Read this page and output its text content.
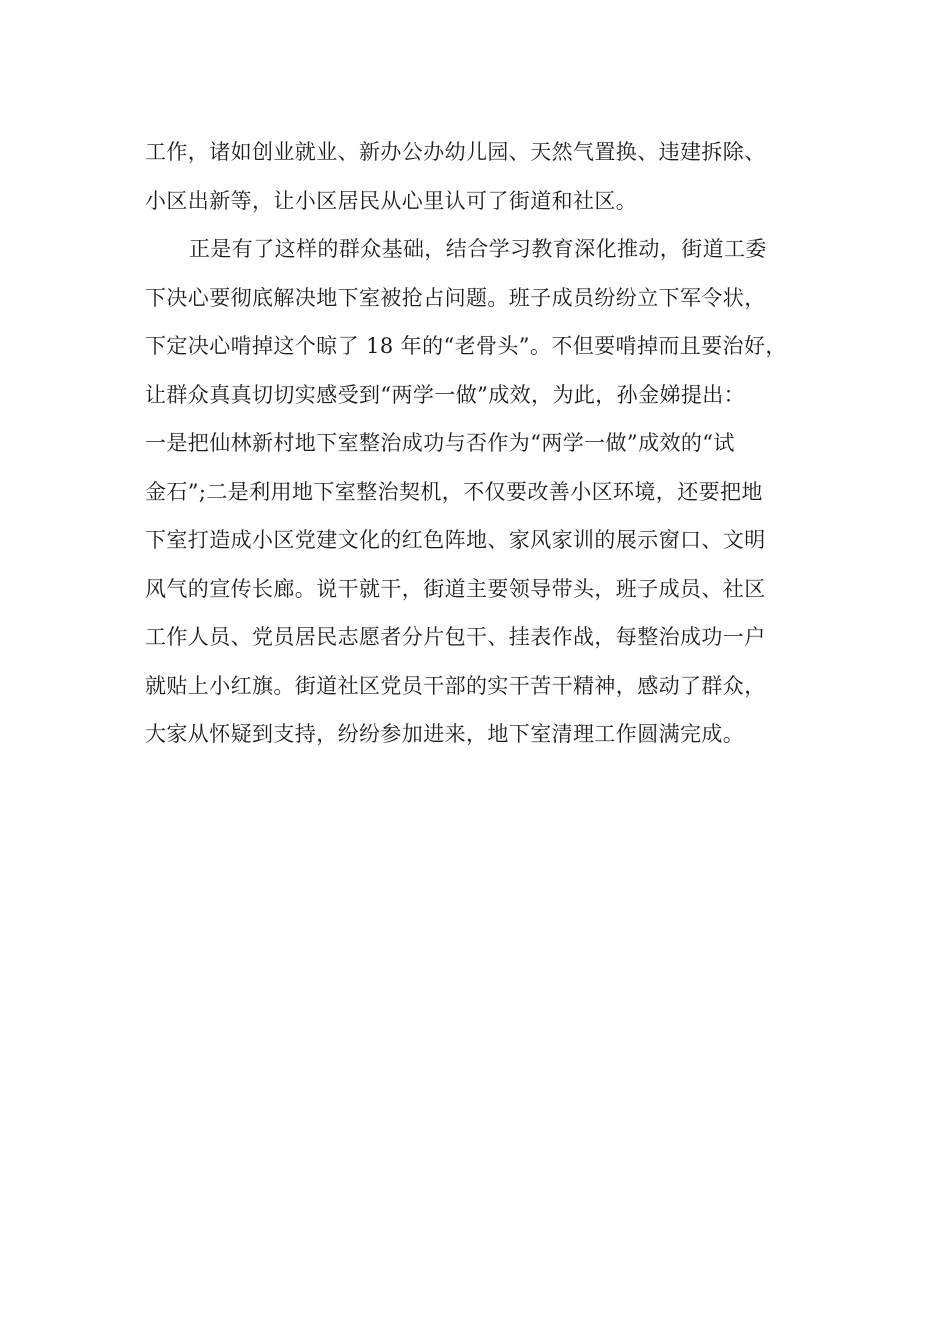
工作，诸如创业就业、新办公办幼儿园、天然气置换、违建拆除、
小区出新等，让小区居民从心里认可了街道和社区。
正是有了这样的群众基础，结合学习教育深化推动，街道工委
下决心要彻底解决地下室被抢占问题。班子成员纷纷立下军令状，
下定决心啃掉这个晾了 18 年的“老骨头”。不但要啃掉而且要治好，
让群众真真切切实感受到“两学一做”成效，为此，孙金娣提出：
一是把仙林新村地下室整治成功与否作为“两学一做”成效的“试
金石”;二是利用地下室整治契机，不仅要改善小区环境，还要把地
下室打造成小区党建文化的红色阵地、家风家训的展示窗口、文明
风气的宣传长廊。说干就干，街道主要领导带头，班子成员、社区
工作人员、党员居民志愿者分片包干、挂表作战，每整治成功一户
就贴上小红旗。街道社区党员干部的实干苦干精神，感动了群众，
大家从怀疑到支持，纷纷参加进来，地下室清理工作圆满完成。
